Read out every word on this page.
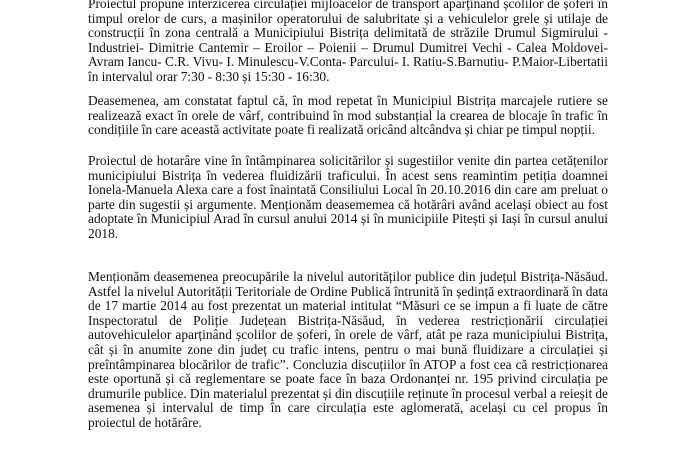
Proiectul propune interzicerea circulației mijloacelor de transport aparținând școlilor de șoferi în timpul orelor de curs, a mașinilor operatorului de salubritate și a vehiculelor grele și utilaje de construcții în zona centrală a Municipiului Bistrița delimitată de străzile Drumul Sigmirului - Industriei- Dimitrie Cantemir – Eroilor – Poienii – Drumul Dumitrei Vechi - Calea Moldovei-Avram Iancu- C.R. Vivu- I. Minulescu-V.Conta- Parcului- I. Ratiu-S.Barnutiu- P.Maior-Libertatii în intervalul orar 7:30 - 8:30 și 15:30 - 16:30.

Deasemenea, am constatat faptul că, în mod repetat în Municipiul Bistrița marcajele rutiere se realizează exact în orele de vârf, contribuind în mod substanțial la crearea de blocaje în trafic în condițiile în care această activitate poate fi realizată oricând altcândva și chiar pe timpul nopții.

Proiectul de hotarâre vine în întâmpinarea solicitărilor și sugestiilor venite din partea cetățenilor municipiului Bistrița în vederea fluidizării traficului. În acest sens reamintim petiția doamnei Ionela-Manuela Alexa care a fost înaintată Consiliului Local în 20.10.2016 din care am preluat o parte din sugestii și argumente. Menționăm deasememea că hotărâri având același obiect au fost adoptate în Municipiul Arad în cursul anului 2014 și în municipiile Pitești și Iași în cursul anului 2018.

Menționăm deasemenea preocupările la nivelul autorităților publice din județul Bistrița-Năsăud. Astfel la nivelul Autorității Teritoriale de Ordine Publică întrunită în ședință extraordinară în data de 17 martie 2014 au fost prezentat un material intitulat “Măsuri ce se impun a fi luate de către Inspectoratul de Poliție Județean Bistrița-Năsăud, în vederea restricționării circulației autovehiculelor aparținând școlilor de șoferi, în orele de vârf, atât pe raza municipiului Bistrița, cât și în anumite zone din județ cu trafic intens, pentru o mai bună fluidizare a circulației și preîntâmpinarea blocărilor de trafic”. Concluzia discuțiilor în ATOP a fost cea că restricționarea este oportună și că reglementare se poate face în baza Ordonanței nr. 195 privind circulația pe drumurile publice. Din materialul prezentat și din discuțiile reținute în procesul verbal a reieșit de asemenea și intervalul de timp în care circulația este aglomerată, același cu cel propus în proiectul de hotărâre.
